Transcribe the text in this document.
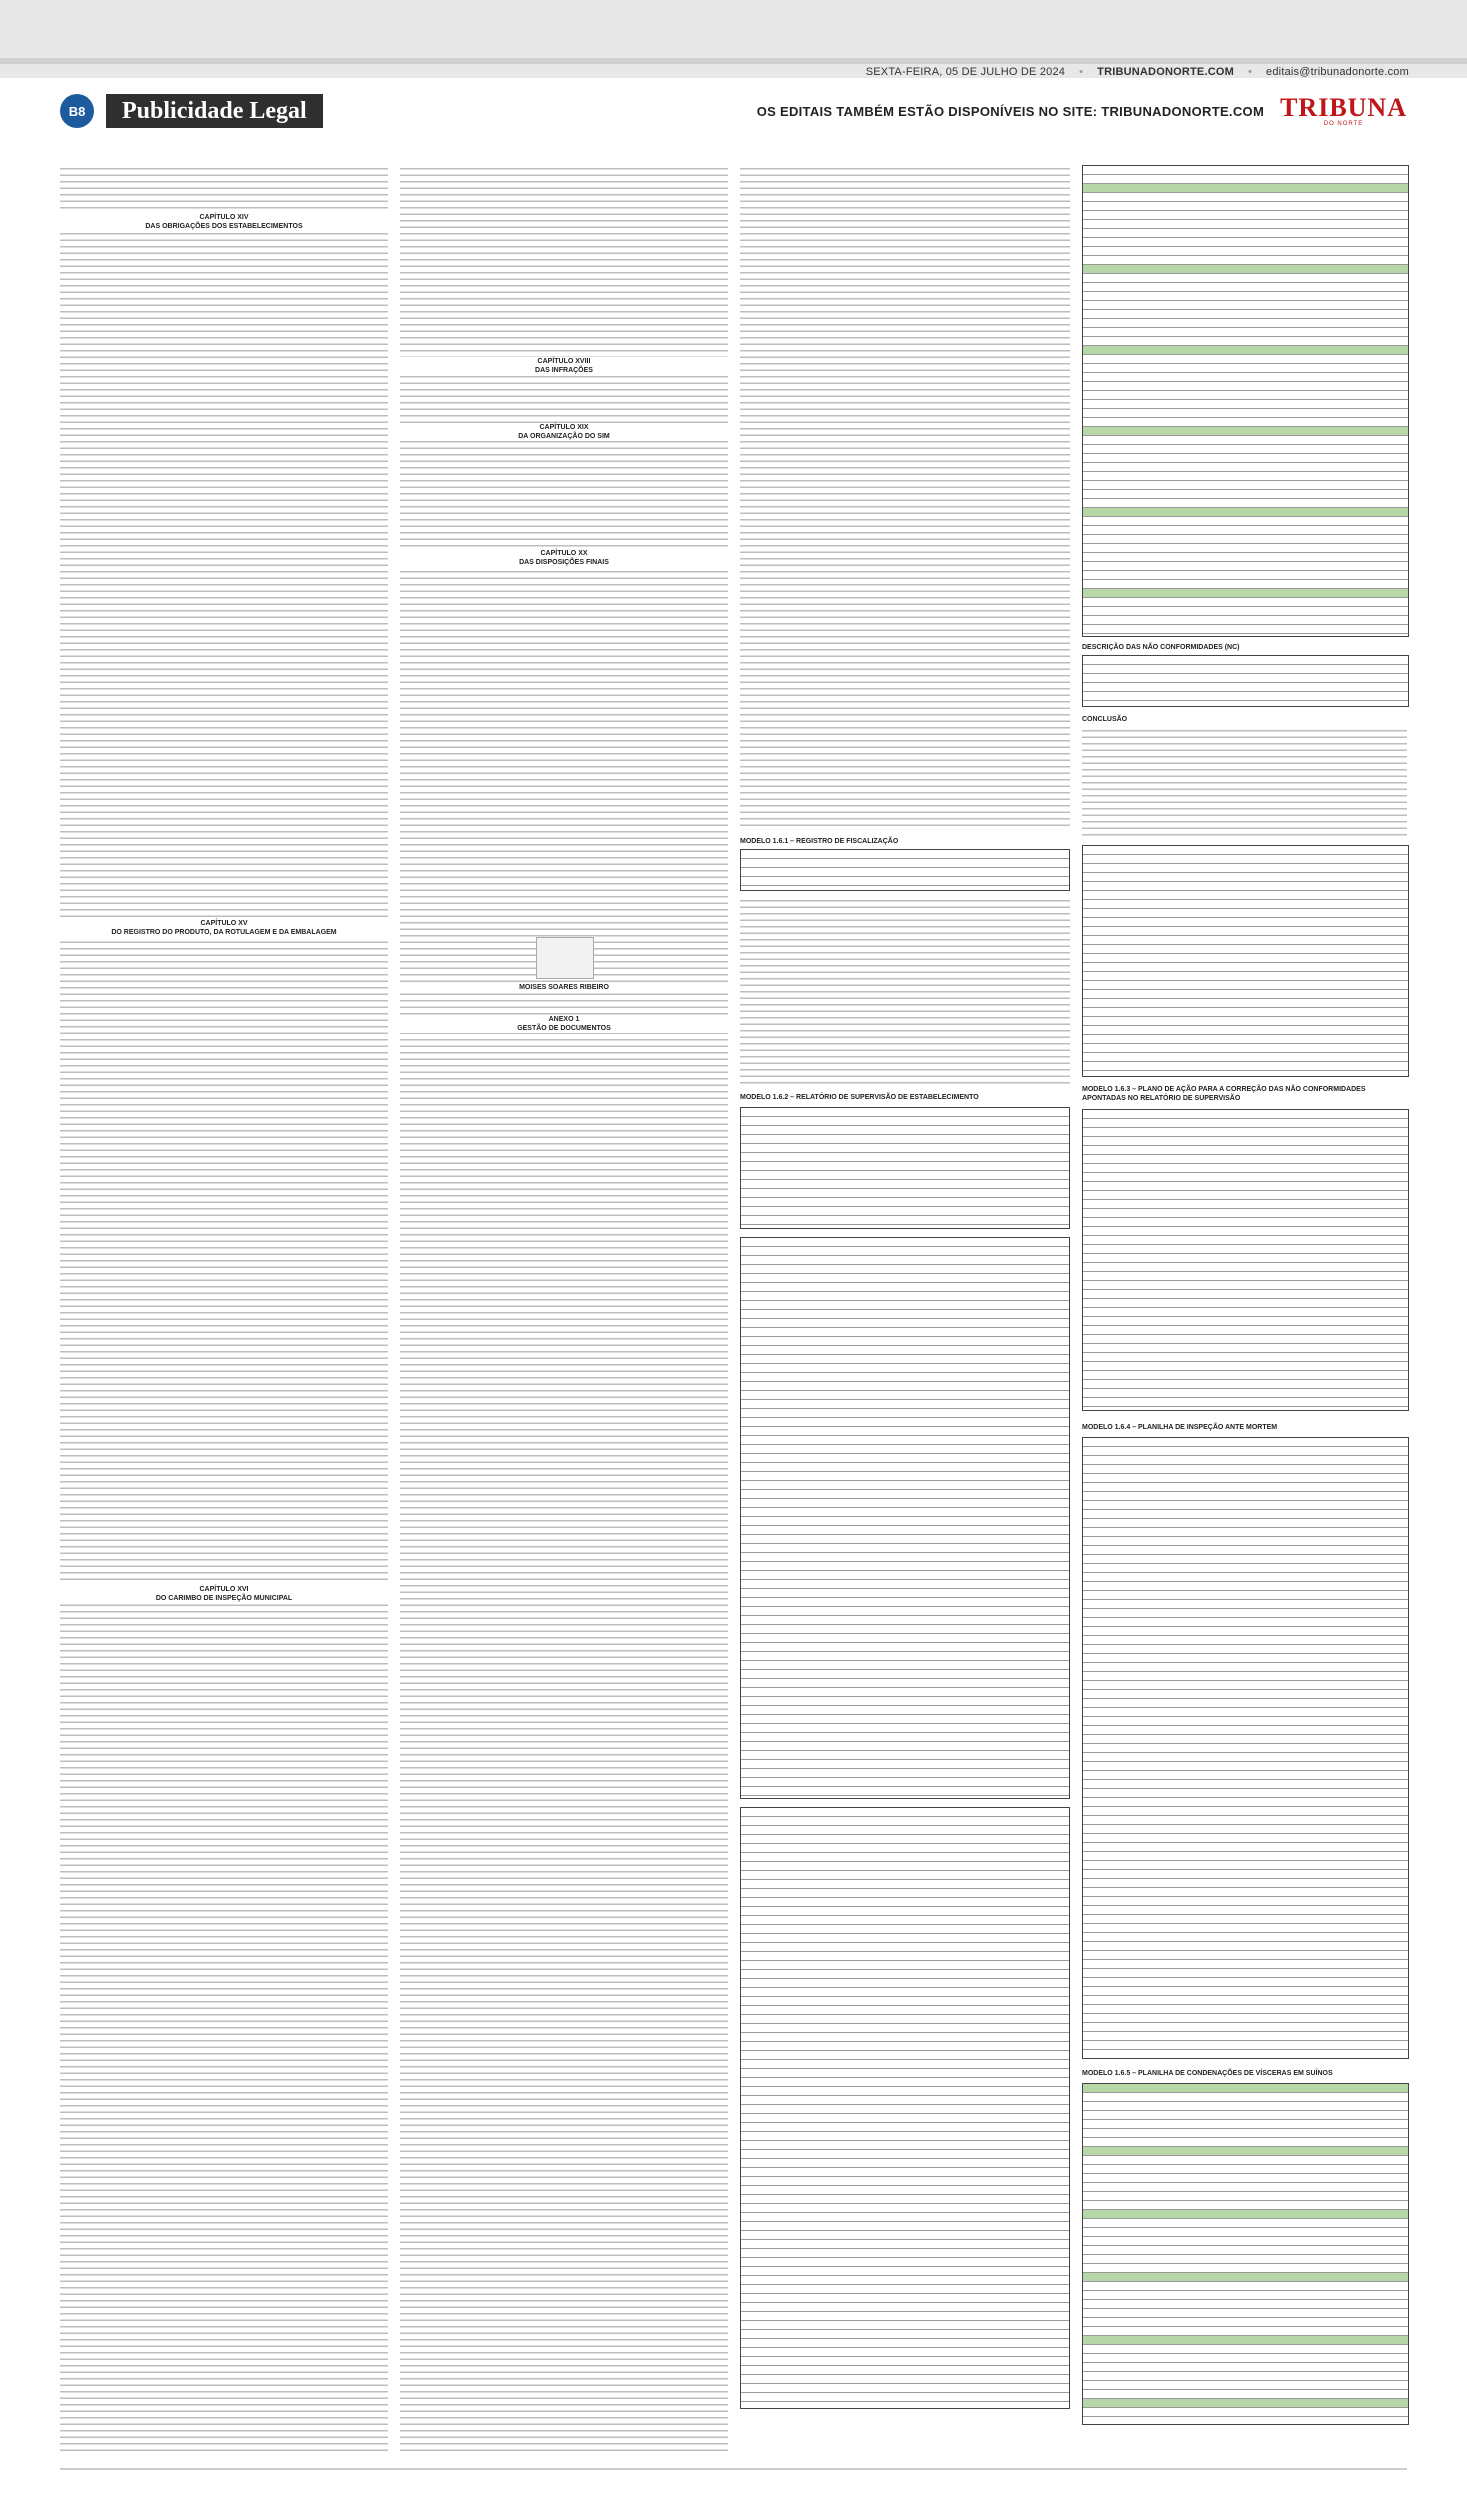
SEXTA-FEIRA, 05 DE JULHO DE 2024 • TRIBUNADONORTE.COM • editais@tribunadonorte.com
B8	Publicidade Legal	OS EDITAIS TAMBÉM ESTÃO DISPONÍVEIS NO SITE: TRIBUNADONORTE.COM TRIBUNA
DO NORTE
CAPÍTULO XIV
DAS OBRIGAÇÕES DOS ESTABELECIMENTOS
CAPÍTULO XV
DO REGISTRO DO PRODUTO, DA ROTULAGEM E DA EMBALAGEM
CAPÍTULO XVI
DO CARIMBO DE INSPEÇÃO MUNICIPAL
CAPÍTULO XVIII
DAS INFRAÇÕES
CAPÍTULO XIX
DA ORGANIZAÇÃO DO SIM
CAPÍTULO XX
DAS DISPOSIÇÕES FINAIS
MOISES SOARES RIBEIRO
ANEXO 1
GESTÃO DE DOCUMENTOS
MODELO 1.6.1 – REGISTRO DE FISCALIZAÇÃO
MODELO 1.6.2 – RELATÓRIO DE SUPERVISÃO DE ESTABELECIMENTO
DESCRIÇÃO DAS NÃO CONFORMIDADES (NC)
CONCLUSÃO
MODELO 1.6.3 – PLANO DE AÇÃO PARA A CORREÇÃO DAS NÃO CONFORMIDADES APONTADAS NO RELATÓRIO DE SUPERVISÃO
MODELO 1.6.4 – PLANILHA DE INSPEÇÃO ANTE MORTEM
MODELO 1.6.5 – PLANILHA DE CONDENAÇÕES DE VÍSCERAS EM SUÍNOS
